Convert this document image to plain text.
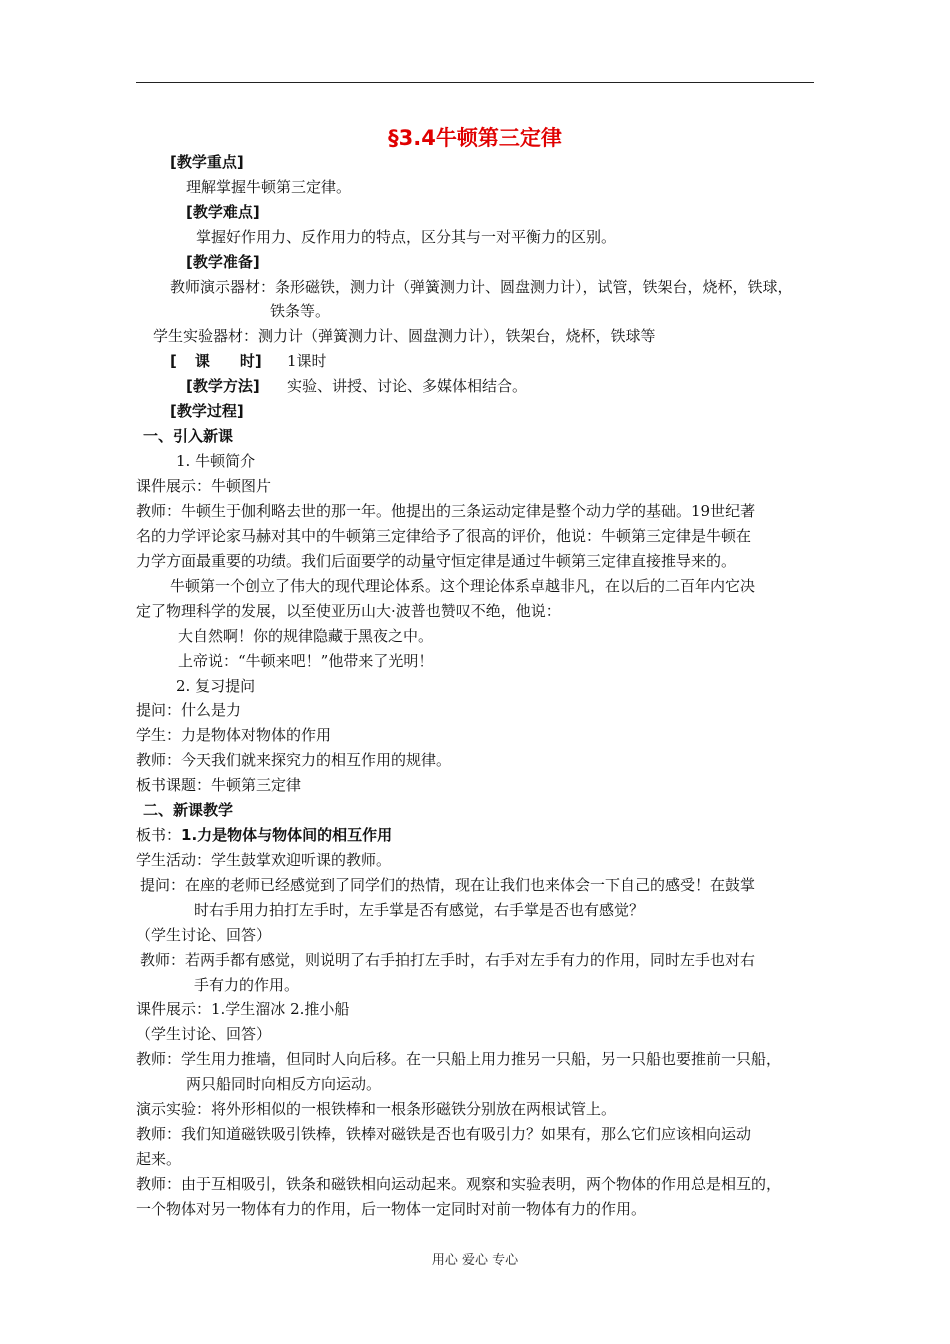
§3.4牛顿第三定律
[教学重点]
理解掌握牛顿第三定律。
[教学难点]
掌握好作用力、反作用力的特点，区分其与一对平衡力的区别。
[教学准备]
教师演示器材：条形磁铁，测力计（弹簧测力计、圆盘测力计），试管，铁架台，烧杯，铁球，
铁条等。
学生实验器材：测力计（弹簧测力计、圆盘测力计），铁架台，烧杯，铁球等
[ 课 时] 1课时
[教学方法] 实验、讲授、讨论、多媒体相结合。
[教学过程]
一、引入新课
1. 牛顿简介
课件展示：牛顿图片
教师：牛顿生于伽利略去世的那一年。他提出的三条运动定律是整个动力学的基础。19世纪著
名的力学评论家马赫对其中的牛顿第三定律给予了很高的评价，他说：牛顿第三定律是牛顿在
力学方面最重要的功绩。我们后面要学的动量守恒定律是通过牛顿第三定律直接推导来的。
牛顿第一个创立了伟大的现代理论体系。这个理论体系卓越非凡，在以后的二百年内它决
定了物理科学的发展，以至使亚历山大·波普也赞叹不绝，他说：
大自然啊！你的规律隐藏于黑夜之中。
上帝说：“牛顿来吧！”他带来了光明！
2. 复习提问
提问：什么是力
学生：力是物体对物体的作用
教师：今天我们就来探究力的相互作用的规律。
板书课题：牛顿第三定律
二、新课教学
板书：1.力是物体与物体间的相互作用
学生活动：学生鼓掌欢迎听课的教师。
提问：在座的老师已经感觉到了同学们的热情，现在让我们也来体会一下自己的感受！在鼓掌
时右手用力拍打左手时，左手掌是否有感觉，右手掌是否也有感觉？
（学生讨论、回答）
教师：若两手都有感觉，则说明了右手拍打左手时，右手对左手有力的作用，同时左手也对右
手有力的作用。
课件展示：1.学生溜冰 2.推小船
（学生讨论、回答）
教师：学生用力推墙，但同时人向后移。在一只船上用力推另一只船，另一只船也要推前一只船，
两只船同时向相反方向运动。
演示实验：将外形相似的一根铁棒和一根条形磁铁分别放在两根试管上。
教师：我们知道磁铁吸引铁棒，铁棒对磁铁是否也有吸引力？如果有，那么它们应该相向运动
起来。
教师：由于互相吸引，铁条和磁铁相向运动起来。观察和实验表明，两个物体的作用总是相互的，
一个物体对另一物体有力的作用，后一物体一定同时对前一物体有力的作用。
用心 爱心 专心
